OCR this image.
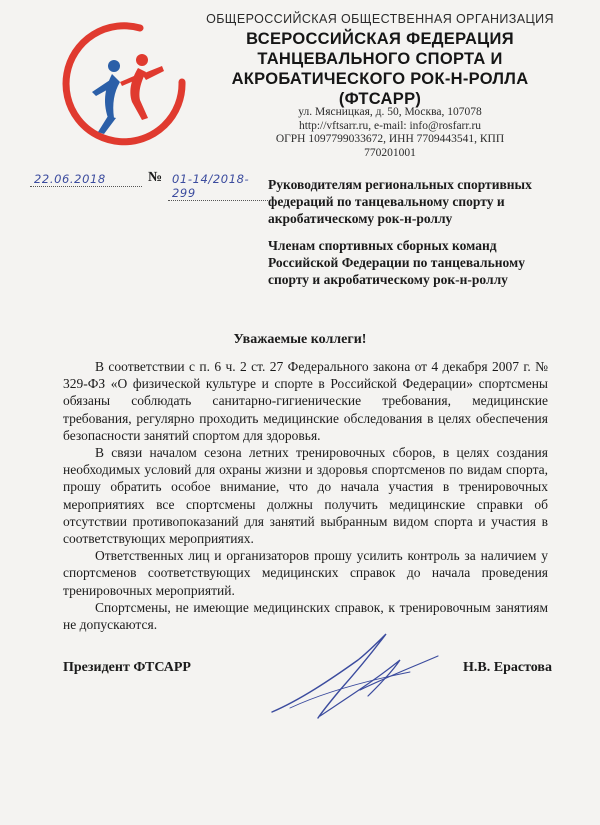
ОБЩЕРОССИЙСКАЯ ОБЩЕСТВЕННАЯ ОРГАНИЗАЦИЯ
ВСЕРОССИЙСКАЯ ФЕДЕРАЦИЯ
ТАНЦЕВАЛЬНОГО СПОРТА И
АКРОБАТИЧЕСКОГО РОК-Н-РОЛЛА
(ФТСАРР)
ул. Мясницкая, д. 50, Москва, 107078
http://vftsarr.ru, e-mail: info@rosfarr.ru
ОГРН 1097799033672, ИНН 7709443541, КПП 770201001
22.06.2018	№ 01-14/2018-299
Руководителям региональных спортивных федераций по танцевальному спорту и акробатическому рок-н-роллу
Членам спортивных сборных команд Российской Федерации по танцевальному спорту и акробатическому рок-н-роллу
Уважаемые коллеги!

В соответствии с п. 6 ч. 2 ст. 27 Федерального закона от 4 декабря 2007 г. № 329-ФЗ «О физической культуре и спорте в Российской Федерации» спортсмены обязаны соблюдать санитарно-гигиенические требования, медицинские требования, регулярно проходить медицинские обследования в целях обеспечения безопасности занятий спортом для здоровья.

В связи началом сезона летних тренировочных сборов, в целях создания необходимых условий для охраны жизни и здоровья спортсменов по видам спорта, прошу обратить особое внимание, что до начала участия в тренировочных мероприятиях все спортсмены должны получить медицинские справки об отсутствии противопоказаний для занятий выбранным видом спорта и участия в соответствующих мероприятиях.

Ответственных лиц и организаторов прошу усилить контроль за наличием у спортсменов соответствующих медицинских справок до начала проведения тренировочных мероприятий.

Спортсмены, не имеющие медицинских справок, к тренировочным занятиям не допускаются.

Президент ФТСАРР	Н.В. Ерастова
